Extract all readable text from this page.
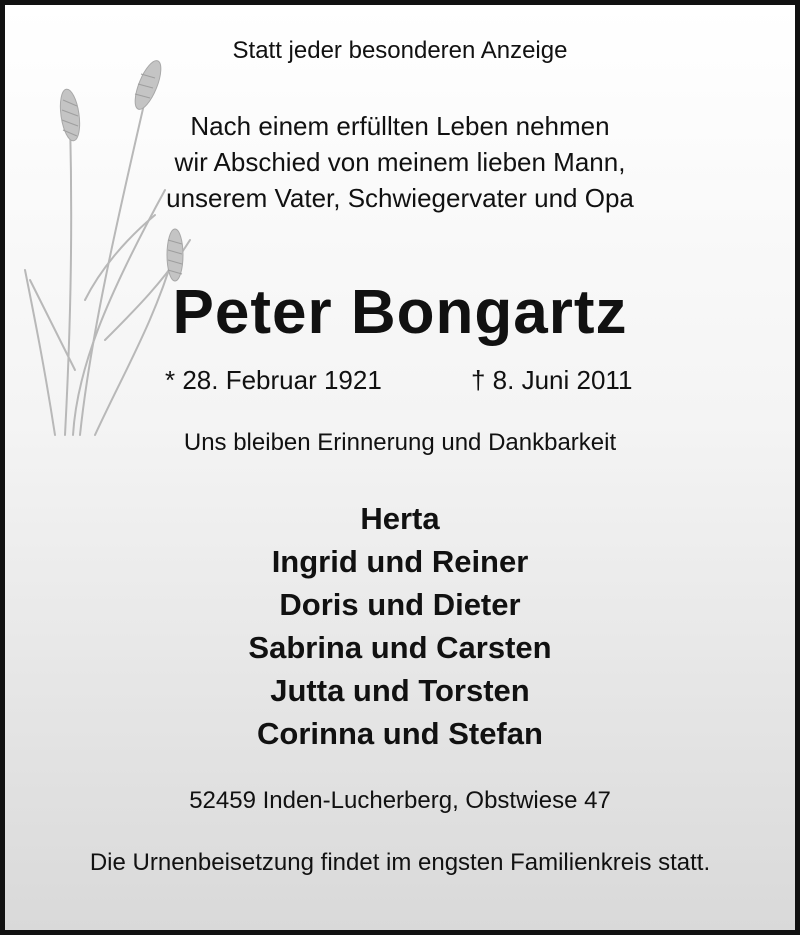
Statt jeder besonderen Anzeige
Nach einem erfüllten Leben nehmen
wir Abschied von meinem lieben Mann,
unserem Vater, Schwiegervater und Opa
Peter Bongartz
* 28. Februar 1921	† 8. Juni 2011
Uns bleiben Erinnerung und Dankbarkeit
Herta
Ingrid und Reiner
Doris und Dieter
Sabrina und Carsten
Jutta und Torsten
Corinna und Stefan
52459 Inden-Lucherberg, Obstwiese 47
Die Urnenbeisetzung findet im engsten Familienkreis statt.
